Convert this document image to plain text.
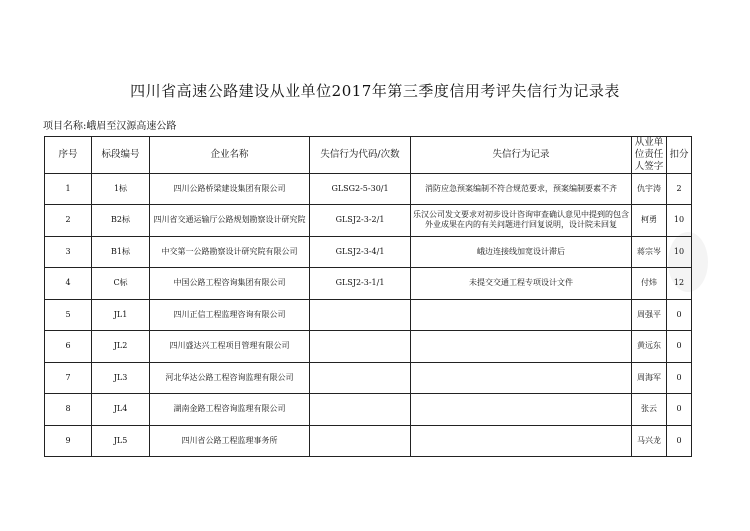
四川省高速公路建设从业单位2017年第三季度信用考评失信行为记录表
项目名称:峨眉至汉源高速公路
序号	标段编号	企业名称	失信行为代码/次数	失信行为记录	从业单位责任人签字	扣分
1	1标	四川公路桥梁建设集团有限公司	GLSG2-5-30/1	消防应急预案编制不符合规范要求，预案编制要素不齐	仇宇涛	2
2	B2标	四川省交通运输厅公路规划勘察设计研究院	GLSJ2-3-2/1	乐汉公司发文要求对初步设计咨询审查确认意见中提到的包含外业成果在内的有关问题进行回复说明，设计院未回复	柯勇	10
3	B1标	中交第一公路勘察设计研究院有限公司	GLSJ2-3-4/1	峨边连接线加宽设计滞后	蒋宗岑	10
4	C标	中国公路工程咨询集团有限公司	GLSJ2-3-1/1	未提交交通工程专项设计文件	付炜	12
5	JL1	四川正信工程监理咨询有限公司			周强平	0
6	JL2	四川盛达兴工程项目管理有限公司			黄远东	0
7	JL3	河北华达公路工程咨询监理有限公司			周海军	0
8	JL4	湖南金路工程咨询监理有限公司			张云	0
9	JL5	四川省公路工程监理事务所			马兴龙	0
